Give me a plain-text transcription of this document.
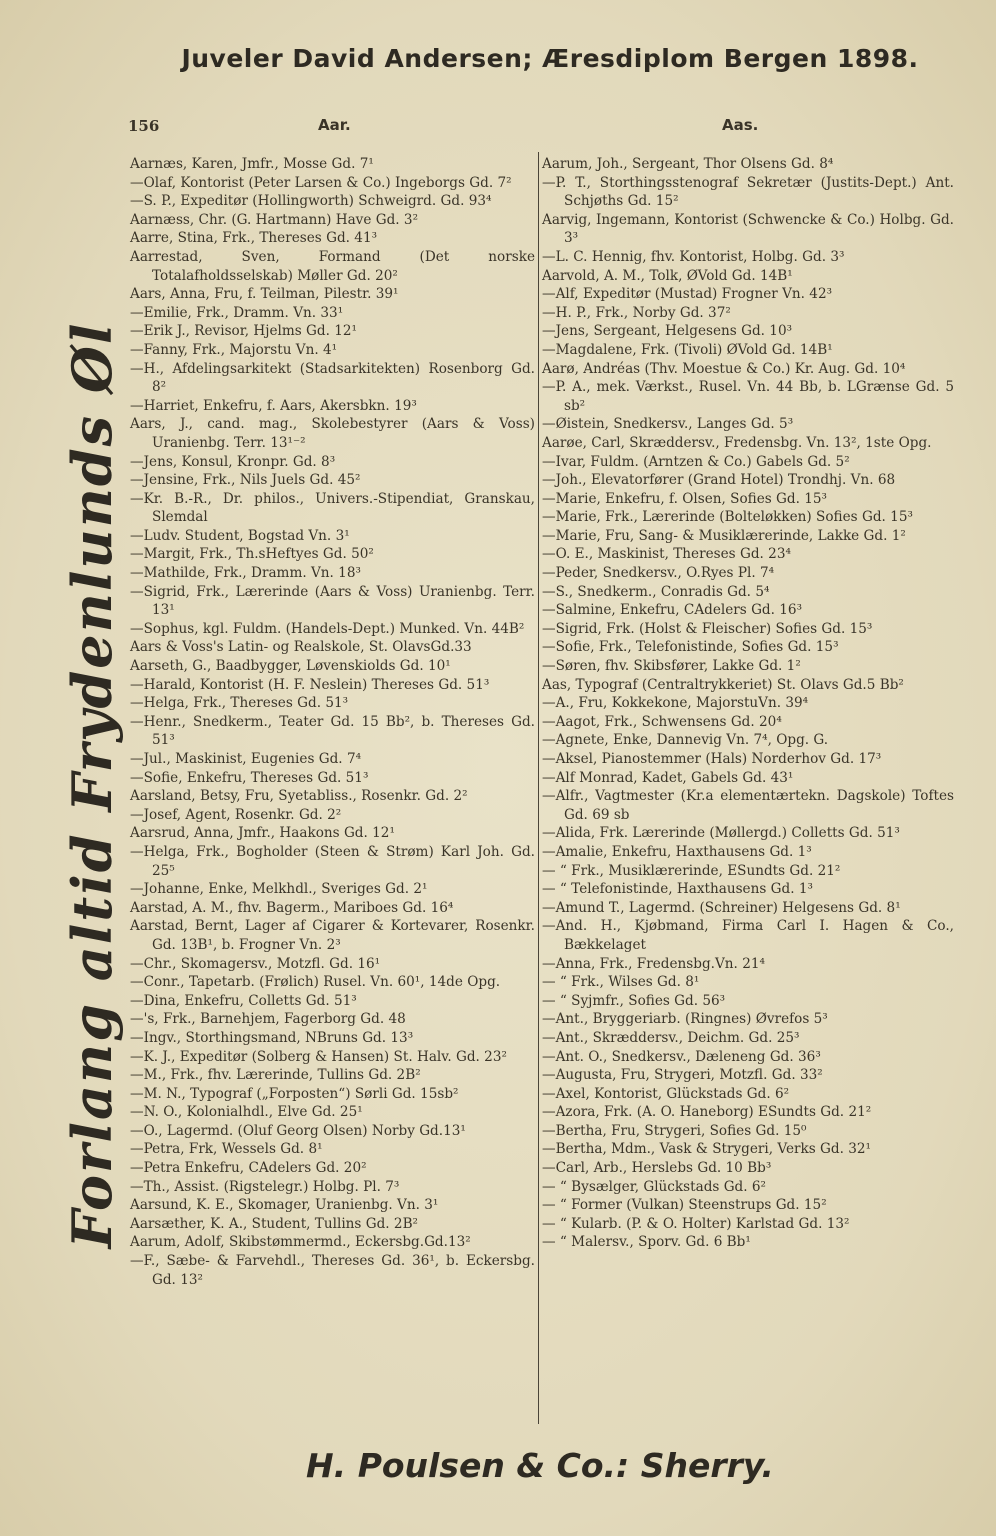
Juveler David Andersen; Æresdiplom Bergen 1898.
156	Aar.	Aas.
Forlang altid Frydenlunds Øl
Aarnæs, Karen, Jmfr., Mosse Gd. 7¹
—Olaf, Kontorist (Peter Larsen & Co.) Ingeborgs Gd. 7²
—S. P., Expeditør (Hollingworth) Schweigrd. Gd. 93⁴
Aarnæss, Chr. (G. Hartmann) Have Gd. 3²
Aarre, Stina, Frk., Thereses Gd. 41³
Aarrestad, Sven, Formand (Det norske Totalafholdsselskab) Møller Gd. 20²
Aars, Anna, Fru, f. Teilman, Pilestr. 39¹
—Emilie, Frk., Dramm. Vn. 33¹
—Erik J., Revisor, Hjelms Gd. 12¹
—Fanny, Frk., Majorstu Vn. 4¹
—H., Afdelingsarkitekt (Stadsarkitekten) Rosenborg Gd. 8²
—Harriet, Enkefru, f. Aars, Akersbkn. 19³
Aars, J., cand. mag., Skolebestyrer (Aars & Voss) Uranienbg. Terr. 13¹⁻²
—Jens, Konsul, Kronpr. Gd. 8³
—Jensine, Frk., Nils Juels Gd. 45²
—Kr. B.-R., Dr. philos., Univers.-Stipendiat, Granskau, Slemdal
—Ludv. Student, Bogstad Vn. 3¹
—Margit, Frk., Th.sHeftyes Gd. 50²
—Mathilde, Frk., Dramm. Vn. 18³
—Sigrid, Frk., Lærerinde (Aars & Voss) Uranienbg. Terr. 13¹
—Sophus, kgl. Fuldm. (Handels-Dept.) Munked. Vn. 44B²
Aars & Voss's Latin- og Realskole, St. OlavsGd.33
Aarseth, G., Baadbygger, Løvenskiolds Gd. 10¹
—Harald, Kontorist (H. F. Neslein) Thereses Gd. 51³
—Helga, Frk., Thereses Gd. 51³
—Henr., Snedkerm., Teater Gd. 15 Bb², b. Thereses Gd. 51³
—Jul., Maskinist, Eugenies Gd. 7⁴
—Sofie, Enkefru, Thereses Gd. 51³
Aarsland, Betsy, Fru, Syetabliss., Rosenkr. Gd. 2²
—Josef, Agent, Rosenkr. Gd. 2²
Aarsrud, Anna, Jmfr., Haakons Gd. 12¹
—Helga, Frk., Bogholder (Steen & Strøm) Karl Joh. Gd. 25⁵
—Johanne, Enke, Melkhdl., Sveriges Gd. 2¹
Aarstad, A. M., fhv. Bagerm., Mariboes Gd. 16⁴
Aarstad, Bernt, Lager af Cigarer & Kortevarer, Rosenkr. Gd. 13B¹, b. Frogner Vn. 2³
—Chr., Skomagersv., Motzfl. Gd. 16¹
—Conr., Tapetarb. (Frølich) Rusel. Vn. 60¹, 14de Opg.
—Dina, Enkefru, Colletts Gd. 51³
—'s, Frk., Barnehjem, Fagerborg Gd. 48
—Ingv., Storthingsmand, NBruns Gd. 13³
—K. J., Expeditør (Solberg & Hansen) St. Halv. Gd. 23²
—M., Frk., fhv. Lærerinde, Tullins Gd. 2B²
—M. N., Typograf („Forposten“) Sørli Gd. 15sb²
—N. O., Kolonialhdl., Elve Gd. 25¹
—O., Lagermd. (Oluf Georg Olsen) Norby Gd.13¹
—Petra, Frk, Wessels Gd. 8¹
—Petra Enkefru, CAdelers Gd. 20²
—Th., Assist. (Rigstelegr.) Holbg. Pl. 7³
Aarsund, K. E., Skomager, Uranienbg. Vn. 3¹
Aarsæther, K. A., Student, Tullins Gd. 2B²
Aarum, Adolf, Skibstømmermd., Eckersbg.Gd.13²
—F., Sæbe- & Farvehdl., Thereses Gd. 36¹, b. Eckersbg. Gd. 13²
Aarum, Joh., Sergeant, Thor Olsens Gd. 8⁴
—P. T., Storthingsstenograf Sekretær (Justits-Dept.) Ant. Schjøths Gd. 15²
Aarvig, Ingemann, Kontorist (Schwencke & Co.) Holbg. Gd. 3³
—L. C. Hennig, fhv. Kontorist, Holbg. Gd. 3³
Aarvold, A. M., Tolk, ØVold Gd. 14B¹
—Alf, Expeditør (Mustad) Frogner Vn. 42³
—H. P., Frk., Norby Gd. 37²
—Jens, Sergeant, Helgesens Gd. 10³
—Magdalene, Frk. (Tivoli) ØVold Gd. 14B¹
Aarø, Andréas (Thv. Moestue & Co.) Kr. Aug. Gd. 10⁴
—P. A., mek. Værkst., Rusel. Vn. 44 Bb, b. LGrænse Gd. 5 sb²
—Øistein, Snedkersv., Langes Gd. 5³
Aarøe, Carl, Skræddersv., Fredensbg. Vn. 13², 1ste Opg.
—Ivar, Fuldm. (Arntzen & Co.) Gabels Gd. 5²
—Joh., Elevatorfører (Grand Hotel) Trondhj. Vn. 68
—Marie, Enkefru, f. Olsen, Sofies Gd. 15³
—Marie, Frk., Lærerinde (Bolteløkken) Sofies Gd. 15³
—Marie, Fru, Sang- & Musiklærerinde, Lakke Gd. 1²
—O. E., Maskinist, Thereses Gd. 23⁴
—Peder, Snedkersv., O.Ryes Pl. 7⁴
—S., Snedkerm., Conradis Gd. 5⁴
—Salmine, Enkefru, CAdelers Gd. 16³
—Sigrid, Frk. (Holst & Fleischer) Sofies Gd. 15³
—Sofie, Frk., Telefonistinde, Sofies Gd. 15³
—Søren, fhv. Skibsfører, Lakke Gd. 1²
Aas, Typograf (Centraltrykkeriet) St. Olavs Gd.5 Bb²
—A., Fru, Kokkekone, MajorstuVn. 39⁴
—Aagot, Frk., Schwensens Gd. 20⁴
—Agnete, Enke, Dannevig Vn. 7⁴, Opg. G.
—Aksel, Pianostemmer (Hals) Norderhov Gd. 17³
—Alf Monrad, Kadet, Gabels Gd. 43¹
—Alfr., Vagtmester (Kr.a elementærtekn. Dagskole) Toftes Gd. 69 sb
—Alida, Frk. Lærerinde (Møllergd.) Colletts Gd. 51³
—Amalie, Enkefru, Haxthausens Gd. 1³
— “ Frk., Musiklærerinde, ESundts Gd. 21²
— “ Telefonistinde, Haxthausens Gd. 1³
—Amund T., Lagermd. (Schreiner) Helgesens Gd. 8¹
—And. H., Kjøbmand, Firma Carl I. Hagen & Co., Bækkelaget
—Anna, Frk., Fredensbg.Vn. 21⁴
— “ Frk., Wilses Gd. 8¹
— “ Syjmfr., Sofies Gd. 56³
—Ant., Bryggeriarb. (Ringnes) Øvrefos 5³
—Ant., Skræddersv., Deichm. Gd. 25³
—Ant. O., Snedkersv., Dæleneng Gd. 36³
—Augusta, Fru, Strygeri, Motzfl. Gd. 33²
—Axel, Kontorist, Glückstads Gd. 6²
—Azora, Frk. (A. O. Haneborg) ESundts Gd. 21²
—Bertha, Fru, Strygeri, Sofies Gd. 15⁰
—Bertha, Mdm., Vask & Strygeri, Verks Gd. 32¹
—Carl, Arb., Herslebs Gd. 10 Bb³
— “ Bysælger, Glückstads Gd. 6²
— “ Former (Vulkan) Steenstrups Gd. 15²
— “ Kularb. (P. & O. Holter) Karlstad Gd. 13²
— “ Malersv., Sporv. Gd. 6 Bb¹
H. Poulsen & Co.: Sherry.
